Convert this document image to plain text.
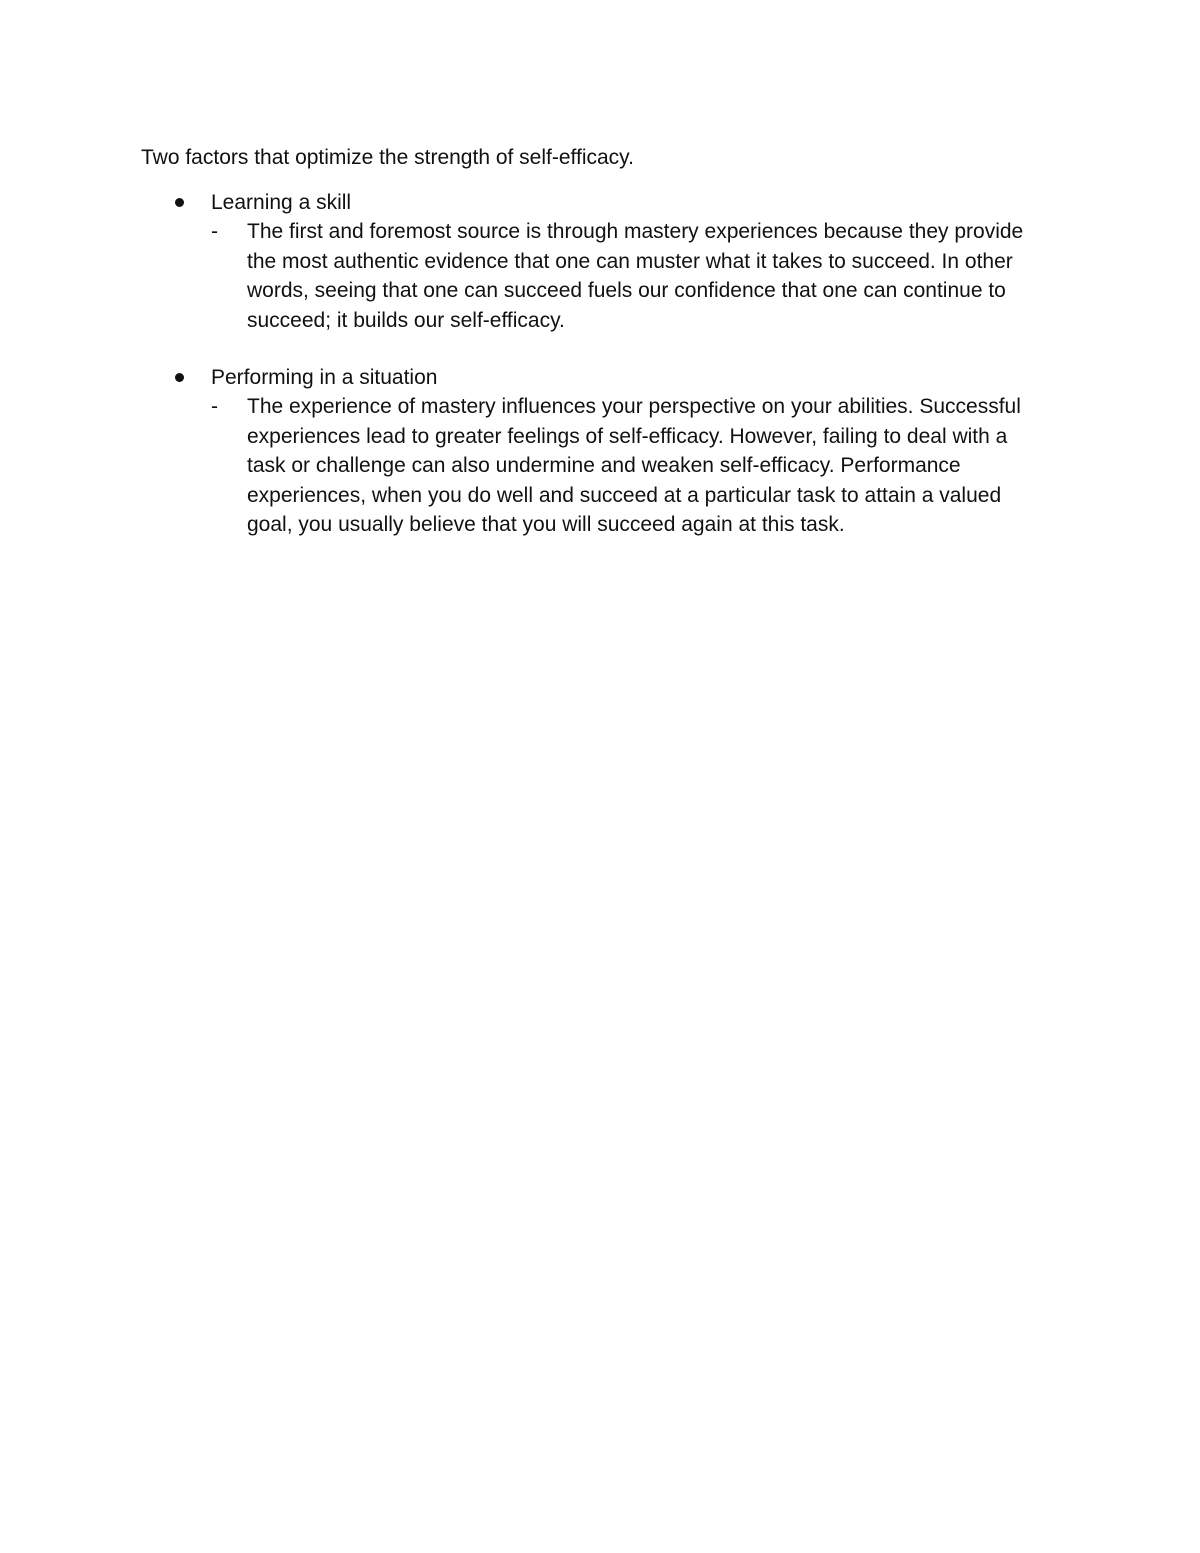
Two factors that optimize the strength of self-efficacy.
Learning a skill
-	The first and foremost source is through mastery experiences because they provide the most authentic evidence that one can muster what it takes to succeed. In other words, seeing that one can succeed fuels our confidence that one can continue to succeed; it builds our self-efficacy.
Performing in a situation
-	The experience of mastery influences your perspective on your abilities. Successful experiences lead to greater feelings of self-efficacy. However, failing to deal with a task or challenge can also undermine and weaken self-efficacy. Performance experiences, when you do well and succeed at a particular task to attain a valued goal, you usually believe that you will succeed again at this task.
